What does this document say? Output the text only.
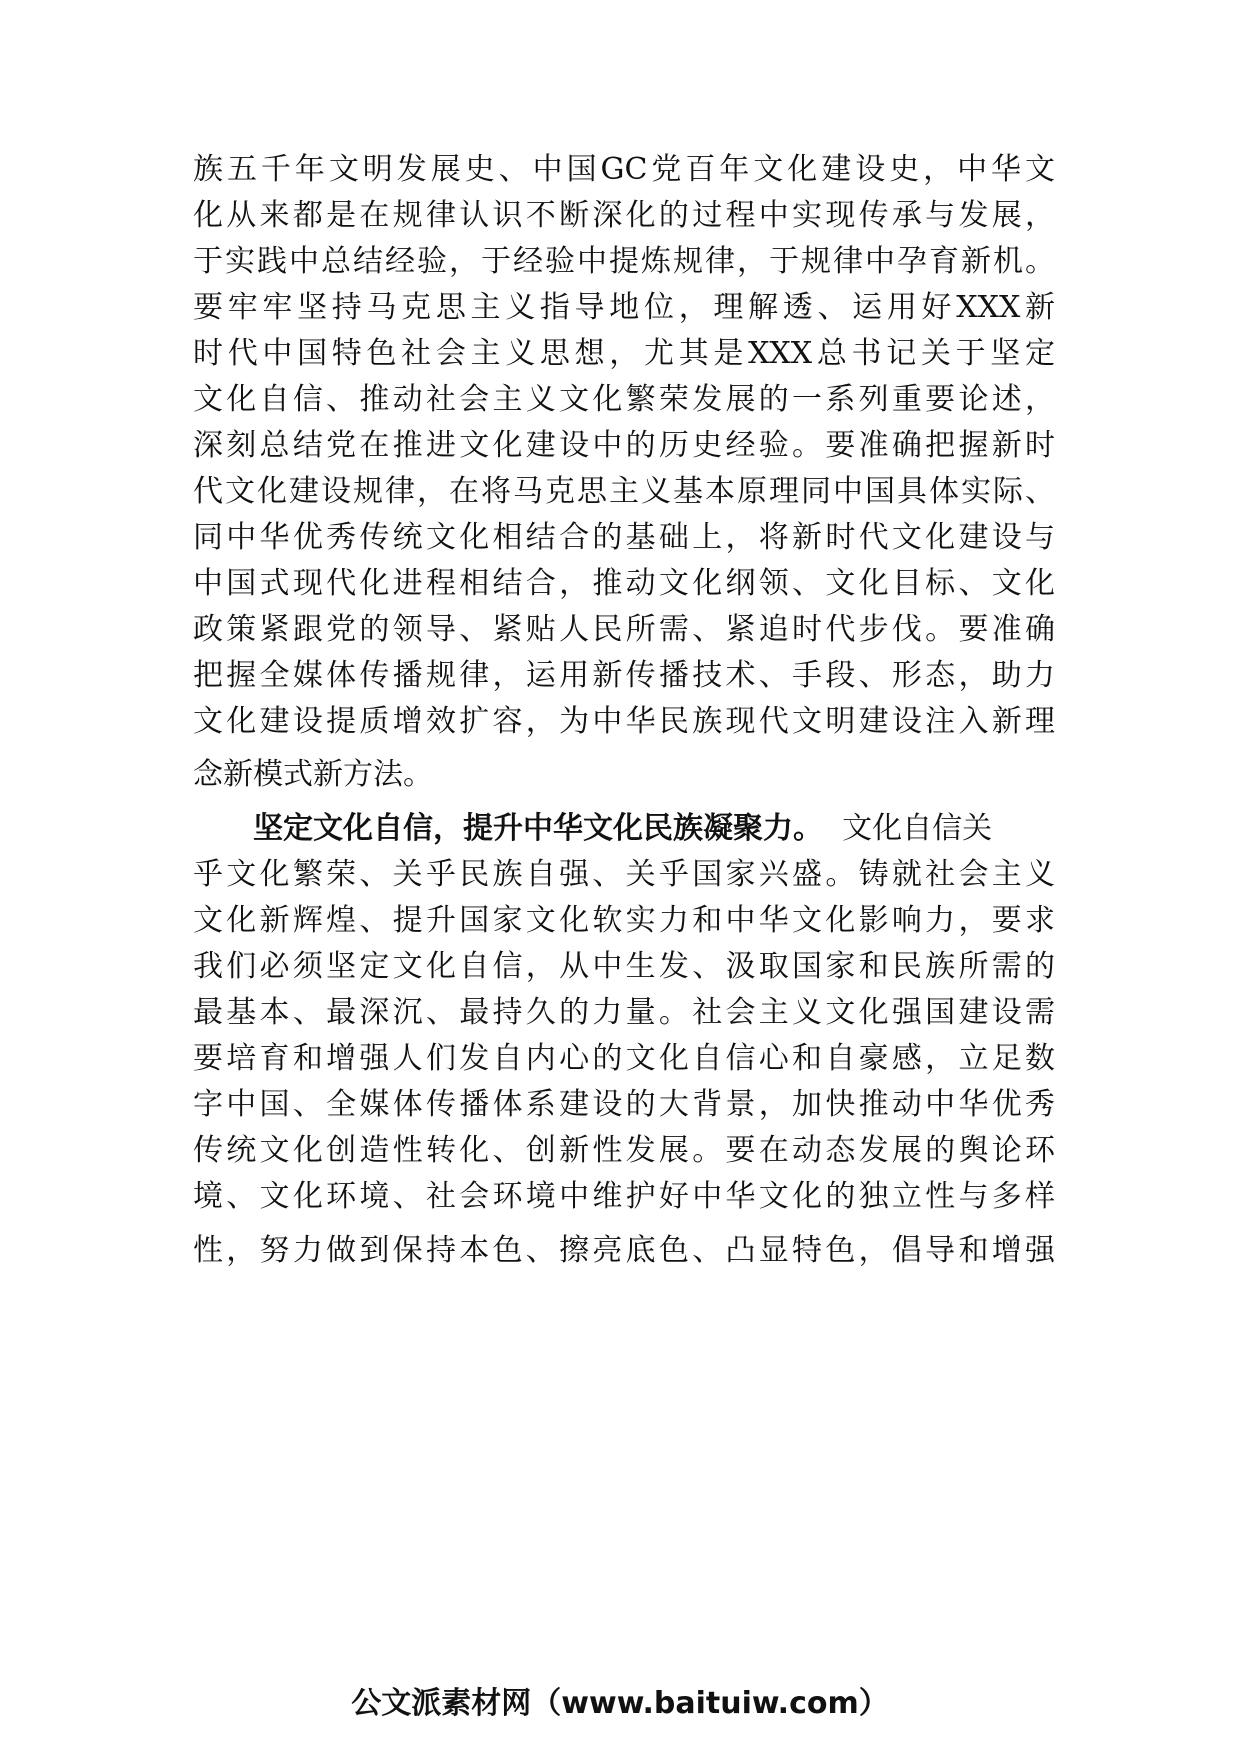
族五千年文明发展史、中国GC党百年文化建设史，中华文
化从来都是在规律认识不断深化的过程中实现传承与发展，
于实践中总结经验，于经验中提炼规律，于规律中孕育新机。
要牢牢坚持马克思主义指导地位，理解透、运用好XXX新
时代中国特色社会主义思想，尤其是XXX总书记关于坚定
文化自信、推动社会主义文化繁荣发展的一系列重要论述，
深刻总结党在推进文化建设中的历史经验。要准确把握新时
代文化建设规律，在将马克思主义基本原理同中国具体实际、
同中华优秀传统文化相结合的基础上，将新时代文化建设与
中国式现代化进程相结合，推动文化纲领、文化目标、文化
政策紧跟党的领导、紧贴人民所需、紧追时代步伐。要准确
把握全媒体传播规律，运用新传播技术、手段、形态，助力
文化建设提质增效扩容，为中华民族现代文明建设注入新理
念新模式新方法。
坚定文化自信，提升中华文化民族凝聚力。 文化自信关
乎文化繁荣、关乎民族自强、关乎国家兴盛。铸就社会主义
文化新辉煌、提升国家文化软实力和中华文化影响力，要求
我们必须坚定文化自信，从中生发、汲取国家和民族所需的
最基本、最深沉、最持久的力量。社会主义文化强国建设需
要培育和增强人们发自内心的文化自信心和自豪感，立足数
字中国、全媒体传播体系建设的大背景，加快推动中华优秀
传统文化创造性转化、创新性发展。要在动态发展的舆论环
境、文化环境、社会环境中维护好中华文化的独立性与多样
性，努力做到保持本色、擦亮底色、凸显特色，倡导和增强
公文派素材网（www.baituiw.com）
